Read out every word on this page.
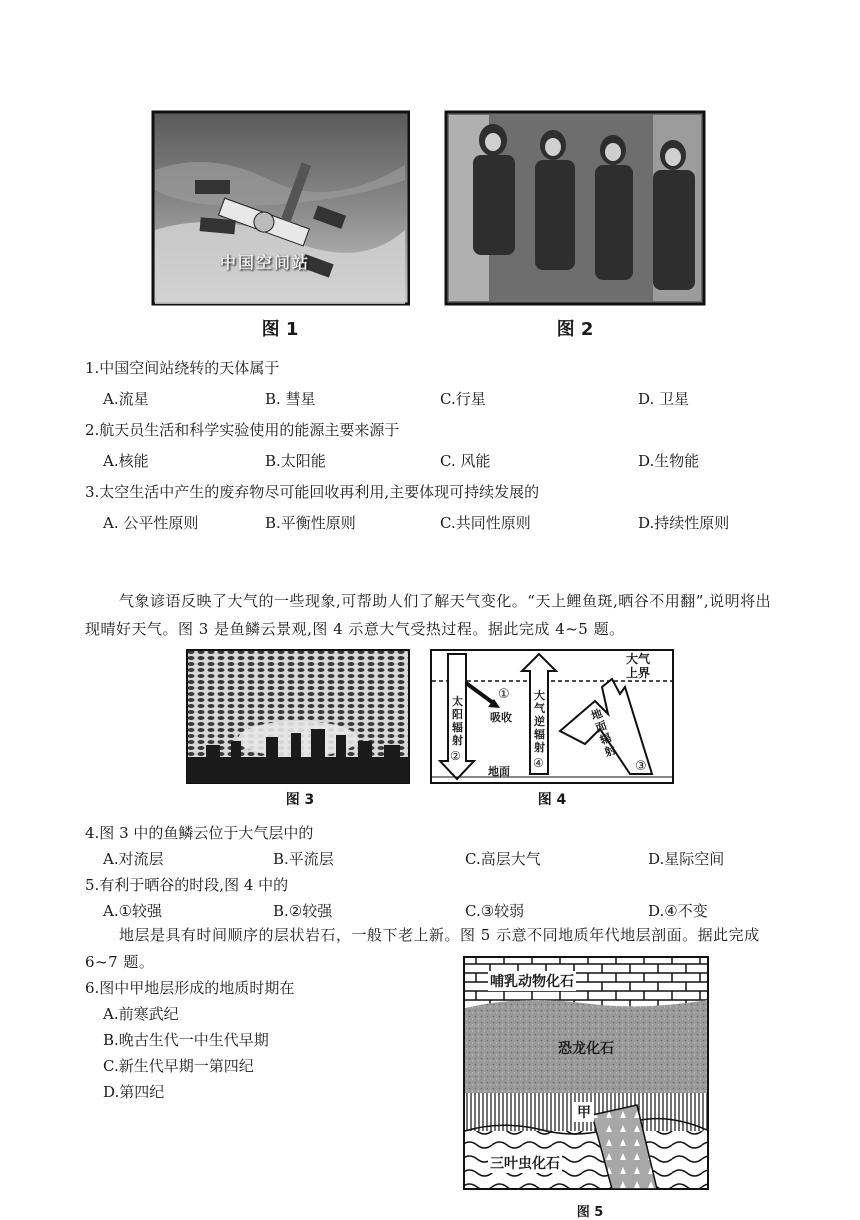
中国空间站
图 1	图 2
1.中国空间站绕转的天体属于
A.流星	B. 彗星	C.行星	D. 卫星
2.航天员生活和科学实验使用的能源主要来源于
A.核能	B.太阳能	C. 风能	D.生物能
3.太空生活中产生的废弃物尽可能回收再利用,主要体现可持续发展的
A. 公平性原则	B.平衡性原则	C.共同性原则	D.持续性原则
气象谚语反映了大气的一些现象,可帮助人们了解天气变化。“天上鲤鱼斑,晒谷不用翻”,说明将出现晴好天气。图 3 是鱼鳞云景观,图 4 示意大气受热过程。据此完成 4~5 题。
图 3
大气
上界
太
阳
辐
射
②
①
吸收
大
气
逆
辐
射
④
地
面
辐
射
③
地面
图 4
4.图 3 中的鱼鳞云位于大气层中的
A.对流层	B.平流层	C.高层大气	D.星际空间
5.有利于晒谷的时段,图 4 中的
A.①较强	B.②较强	C.③较弱	D.④不变
地层是具有时间顺序的层状岩石，一般下老上新。图 5 示意不同地质年代地层剖面。据此完成 6~7 题。
6.图中甲地层形成的地质时期在
A.前寒武纪
B.晚古生代一中生代早期
C.新生代早期一第四纪
D.第四纪
哺乳动物化石
恐龙化石
甲
三叶虫化石
图 5
